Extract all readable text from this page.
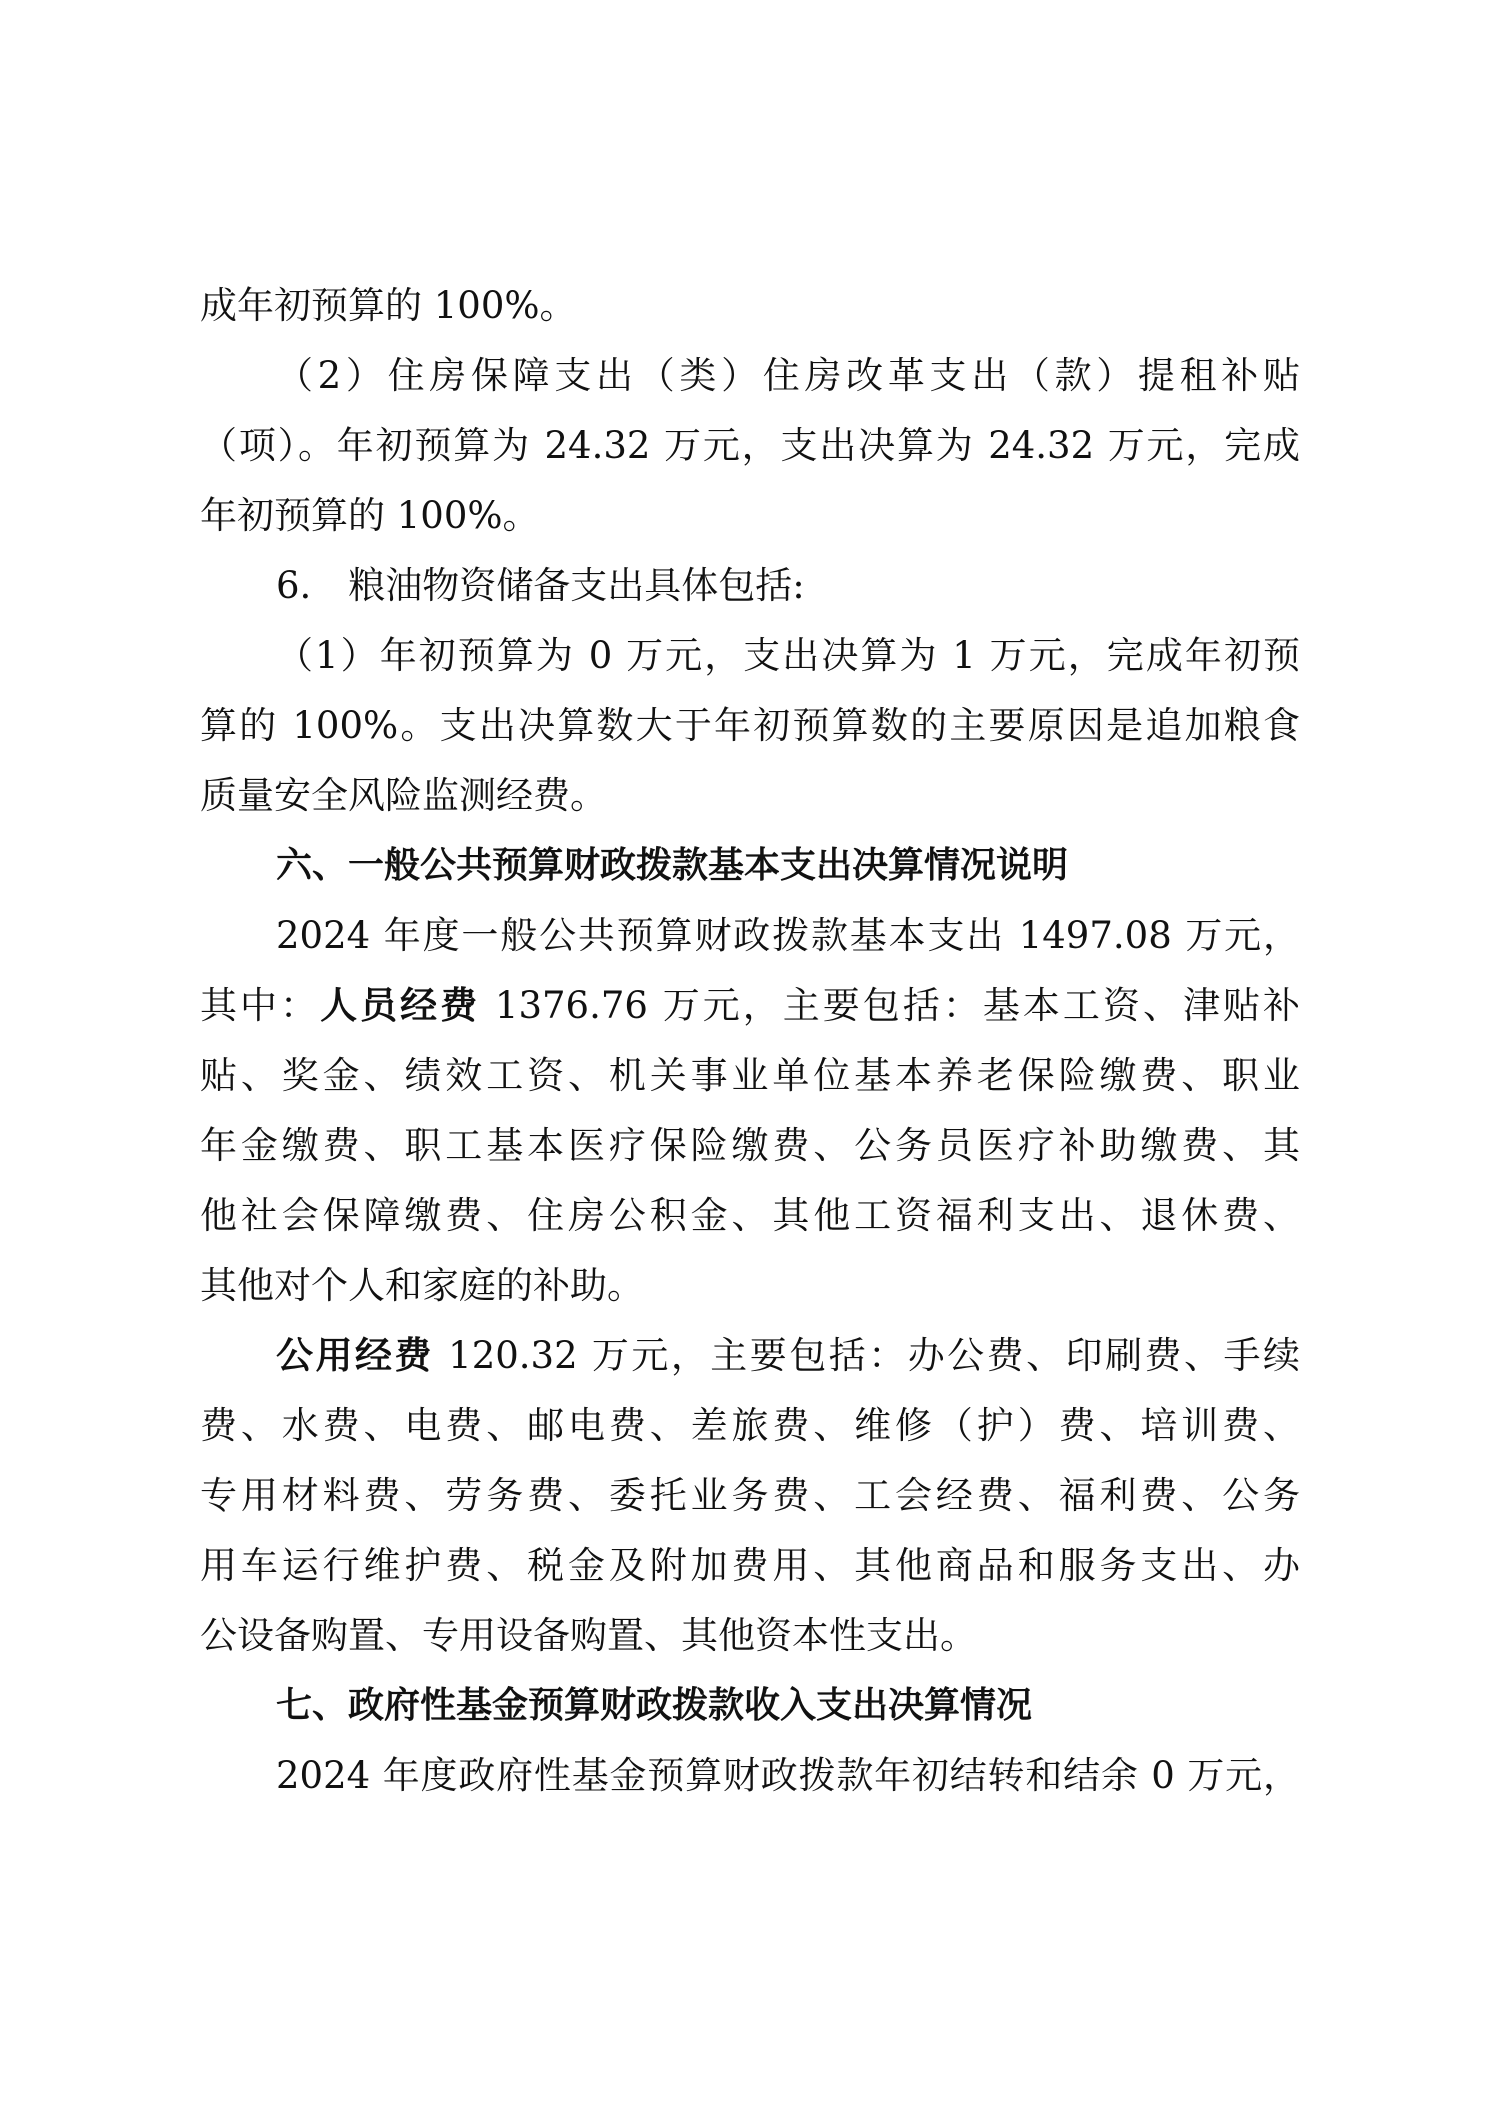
成年初预算的 100%。
（2）住房保障支出（类）住房改革支出（款）提租补贴
（项）。年初预算为 24.32 万元，支出决算为 24.32 万元，完成
年初预算的 100%。
6.　粮油物资储备支出具体包括:
（1）年初预算为 0 万元，支出决算为 1 万元，完成年初预
算的 100%。支出决算数大于年初预算数的主要原因是追加粮食
质量安全风险监测经费。
六、一般公共预算财政拨款基本支出决算情况说明
2024 年度一般公共预算财政拨款基本支出 1497.08 万元，
其中：人员经费 1376.76 万元，主要包括：基本工资、津贴补
贴、奖金、绩效工资、机关事业单位基本养老保险缴费、职业
年金缴费、职工基本医疗保险缴费、公务员医疗补助缴费、其
他社会保障缴费、住房公积金、其他工资福利支出、退休费、
其他对个人和家庭的补助。
公用经费 120.32 万元，主要包括：办公费、印刷费、手续
费、水费、电费、邮电费、差旅费、维修（护）费、培训费、
专用材料费、劳务费、委托业务费、工会经费、福利费、公务
用车运行维护费、税金及附加费用、其他商品和服务支出、办
公设备购置、专用设备购置、其他资本性支出。
七、政府性基金预算财政拨款收入支出决算情况
2024 年度政府性基金预算财政拨款年初结转和结余 0 万元，
